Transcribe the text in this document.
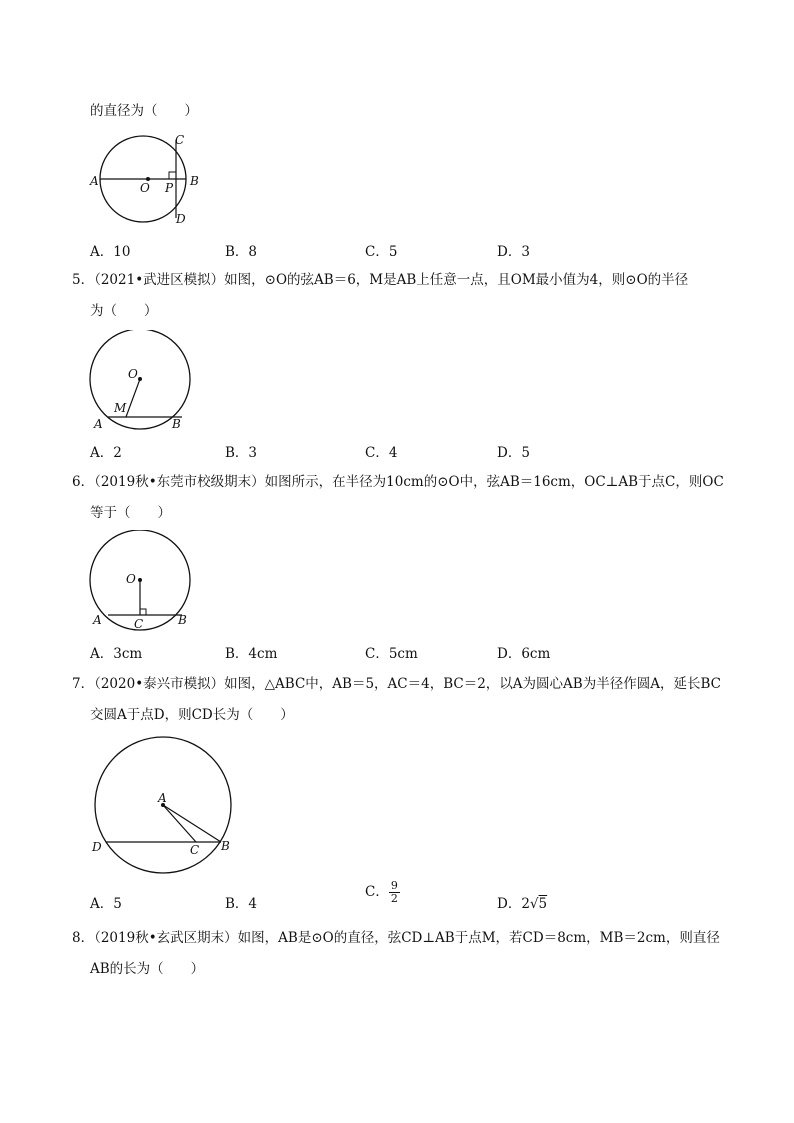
的直径为（　　）
A	O P B
C
D
A．10	B．8	C．5	D．3
5．（2021•武进区模拟）如图，⊙O的弦AB＝6，M是AB上任意一点，且OM最小值为4，则⊙O的半径
为（　　）
O
M
A	B
A．2	B．3	C．4	D．5
6．（2019秋•东莞市校级期末）如图所示，在半径为10cm的⊙O中，弦AB＝16cm，OC⊥AB于点C，则OC
等于（　　）
O
A	C	B
A．3cm	B．4cm	C．5cm	D．6cm
7．（2020•泰兴市模拟）如图，△ABC中，AB＝5，AC＝4，BC＝2，以A为圆心AB为半径作圆A，延长BC
交圆A于点D，则CD长为（　　）
A
D	C B
A．5	B．4
C． $\frac{9}{2}$	D．2√5
8．（2019秋•玄武区期末）如图，AB是⊙O的直径，弦CD⊥AB于点M，若CD＝8cm，MB＝2cm，则直径
AB的长为（　　）
